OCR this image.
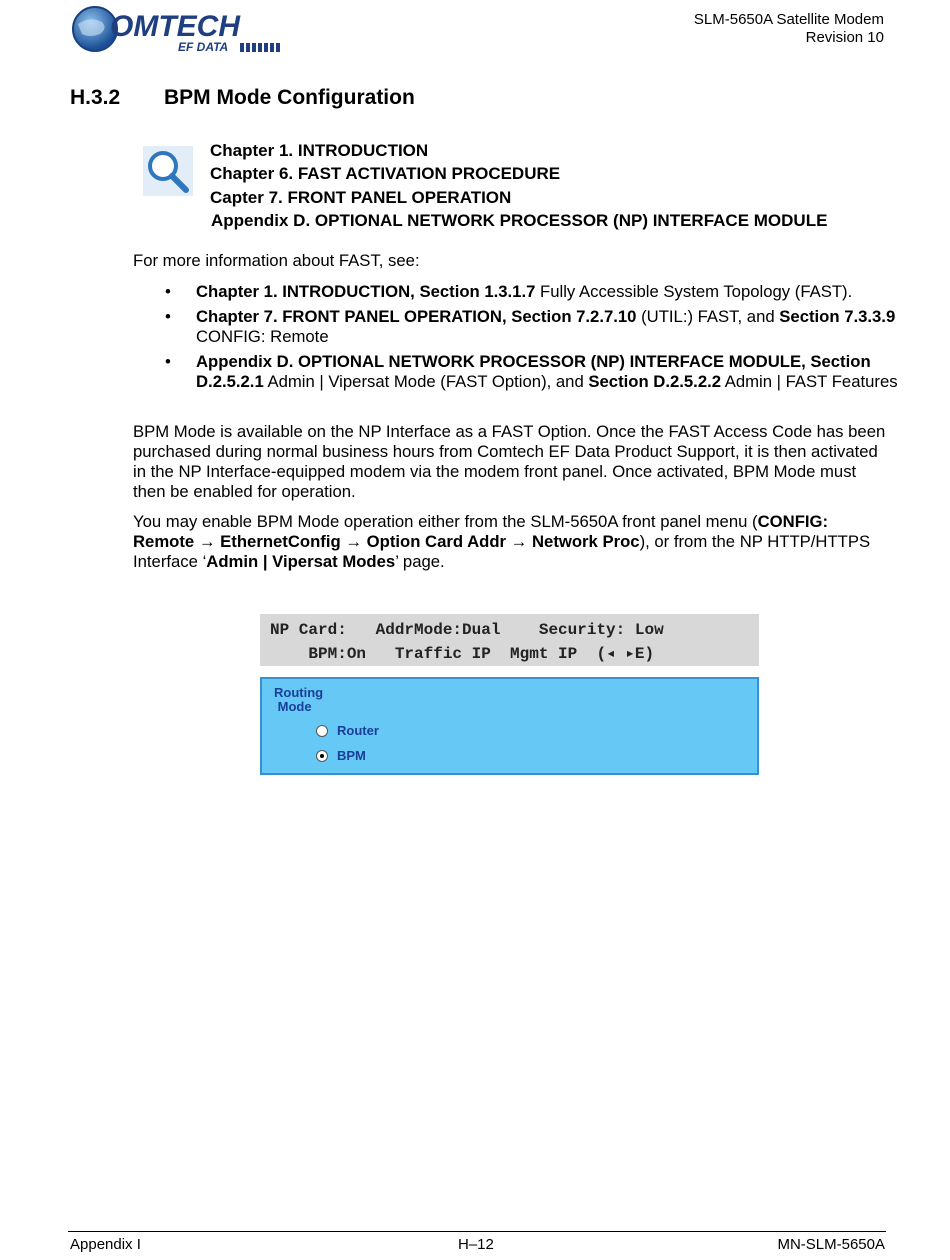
OMTECH
EF DATA
SLM-5650A Satellite Modem
Revision 10
H.3.2 BPM Mode Configuration
Chapter 1. INTRODUCTION
Chapter 6. FAST ACTIVATION PROCEDURE
Capter 7. FRONT PANEL OPERATION
Appendix D. OPTIONAL NETWORK PROCESSOR (NP) INTERFACE MODULE
For more information about FAST, see:
• Chapter 1. INTRODUCTION, Section 1.3.1.7 Fully Accessible System Topology (FAST).
• Chapter 7. FRONT PANEL OPERATION, Section 7.2.7.10 (UTIL:) FAST, and Section 7.3.3.9 CONFIG: Remote
• Appendix D. OPTIONAL NETWORK PROCESSOR (NP) INTERFACE MODULE, Section D.2.5.2.1 Admin | Vipersat Mode (FAST Option), and Section D.2.5.2.2 Admin | FAST Features
BPM Mode is available on the NP Interface as a FAST Option. Once the FAST Access Code has been purchased during normal business hours from Comtech EF Data Product Support, it is then activated in the NP Interface-equipped modem via the modem front panel. Once activated, BPM Mode must then be enabled for operation.
You may enable BPM Mode operation either from the SLM-5650A front panel menu (CONFIG: Remote → EthernetConfig → Option Card Addr → Network Proc), or from the NP HTTP/HTTPS Interface ‘Admin | Vipersat Modes’ page.
NP Card:   AddrMode:Dual    Security: Low
BPM:On   Traffic IP  Mgmt IP  (◂ ▸E)
Routing
Mode
Router
BPM
Appendix I	H–12	MN-SLM-5650A
